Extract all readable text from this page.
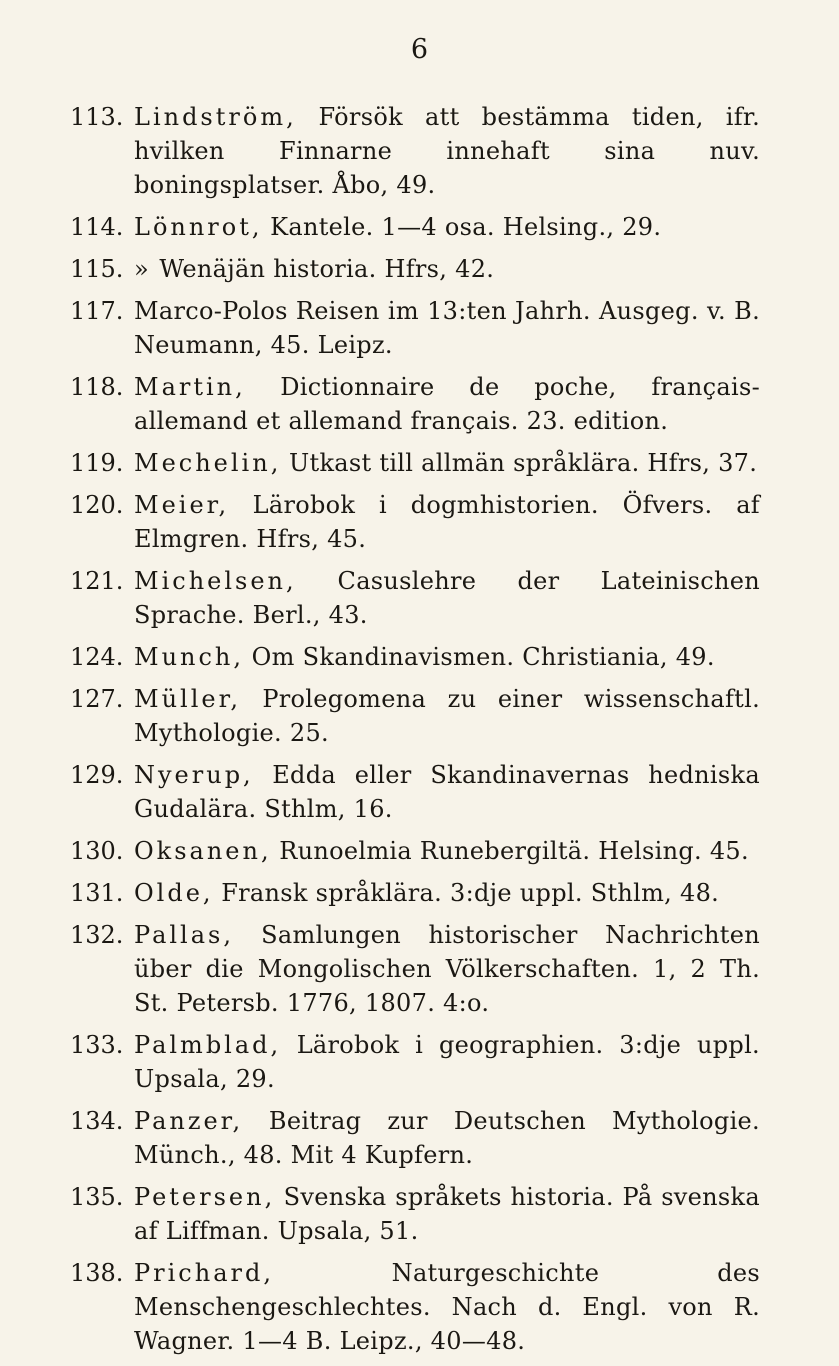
6
113. Lindström, Försök att bestämma tiden, ifr. hvilken Finnarne innehaft sina nuv. boningsplatser. Åbo, 49.
114. Lönnrot, Kantele. 1—4 osa. Helsing., 29.
115. » Wenäjän historia. Hfrs, 42.
117. Marco-Polos Reisen im 13:ten Jahrh. Ausgeg. v. B. Neumann, 45. Leipz.
118. Martin, Dictionnaire de poche, français-allemand et allemand français. 23. edition.
119. Mechelin, Utkast till allmän språklära. Hfrs, 37.
120. Meier, Lärobok i dogmhistorien. Öfvers. af Elmgren. Hfrs, 45.
121. Michelsen, Casuslehre der Lateinischen Sprache. Berl., 43.
124. Munch, Om Skandinavismen. Christiania, 49.
127. Müller, Prolegomena zu einer wissenschaftl. Mythologie. 25.
129. Nyerup, Edda eller Skandinavernas hedniska Gudalära. Sthlm, 16.
130. Oksanen, Runoelmia Runebergiltä. Helsing. 45.
131. Olde, Fransk språklära. 3:dje uppl. Sthlm, 48.
132. Pallas, Samlungen historischer Nachrichten über die Mongolischen Völkerschaften. 1, 2 Th. St. Petersb. 1776, 1807. 4:o.
133. Palmblad, Lärobok i geographien. 3:dje uppl. Upsala, 29.
134. Panzer, Beitrag zur Deutschen Mythologie. Münch., 48. Mit 4 Kupfern.
135. Petersen, Svenska språkets historia. På svenska af Liffman. Upsala, 51.
138. Prichard,	Naturgeschichte des Menschengeschlechtes. Nach d. Engl. von R. Wagner. 1—4 B. Leipz., 40—48.
